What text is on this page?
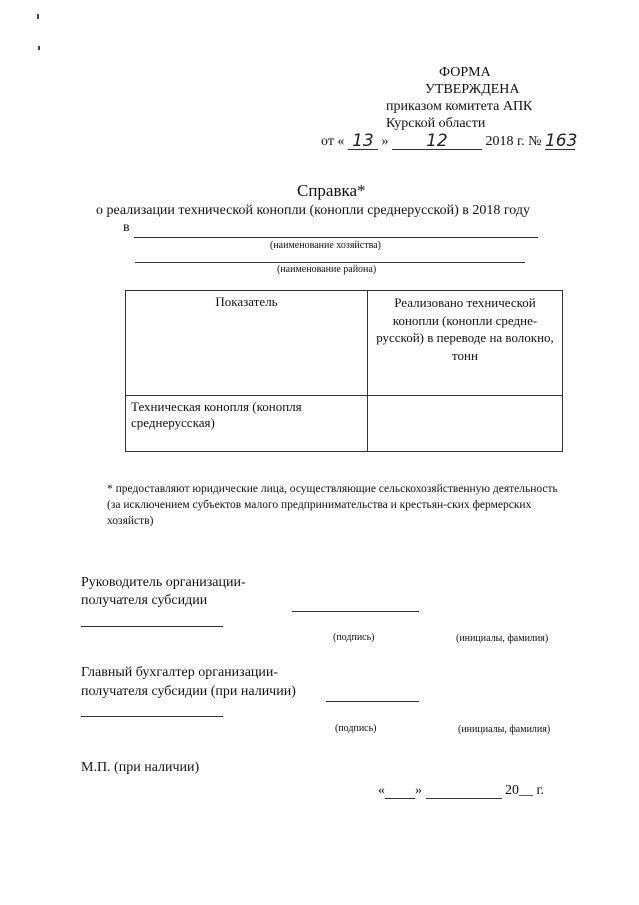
ФОРМА
УТВЕРЖДЕНА
приказом комитета АПК
Курской области
от « 13 » 12	2018 г. № 163
Справка*
о реализации технической конопли (конопли среднерусской) в 2018 году
в
(наименование хозяйства)
(наименование района)
Показатель	Реализовано технической конопли (конопли средне-русской) в переводе на волокно, тонн
Техническая конопля (конопля среднерусская)	
* предоставляют юридические лица, осуществляющие сельскохозяйственную деятельность (за исключением субъектов малого предпринимательства и крестьян-ских фермерских хозяйств)
Руководитель организации-
получателя субсидии
(подпись)	(инициалы, фамилия)
Главный бухгалтер организации-
получателя субсидии (при наличии)
(подпись)	(инициалы, фамилия)
М.П. (при наличии)
« »	20__ г.
